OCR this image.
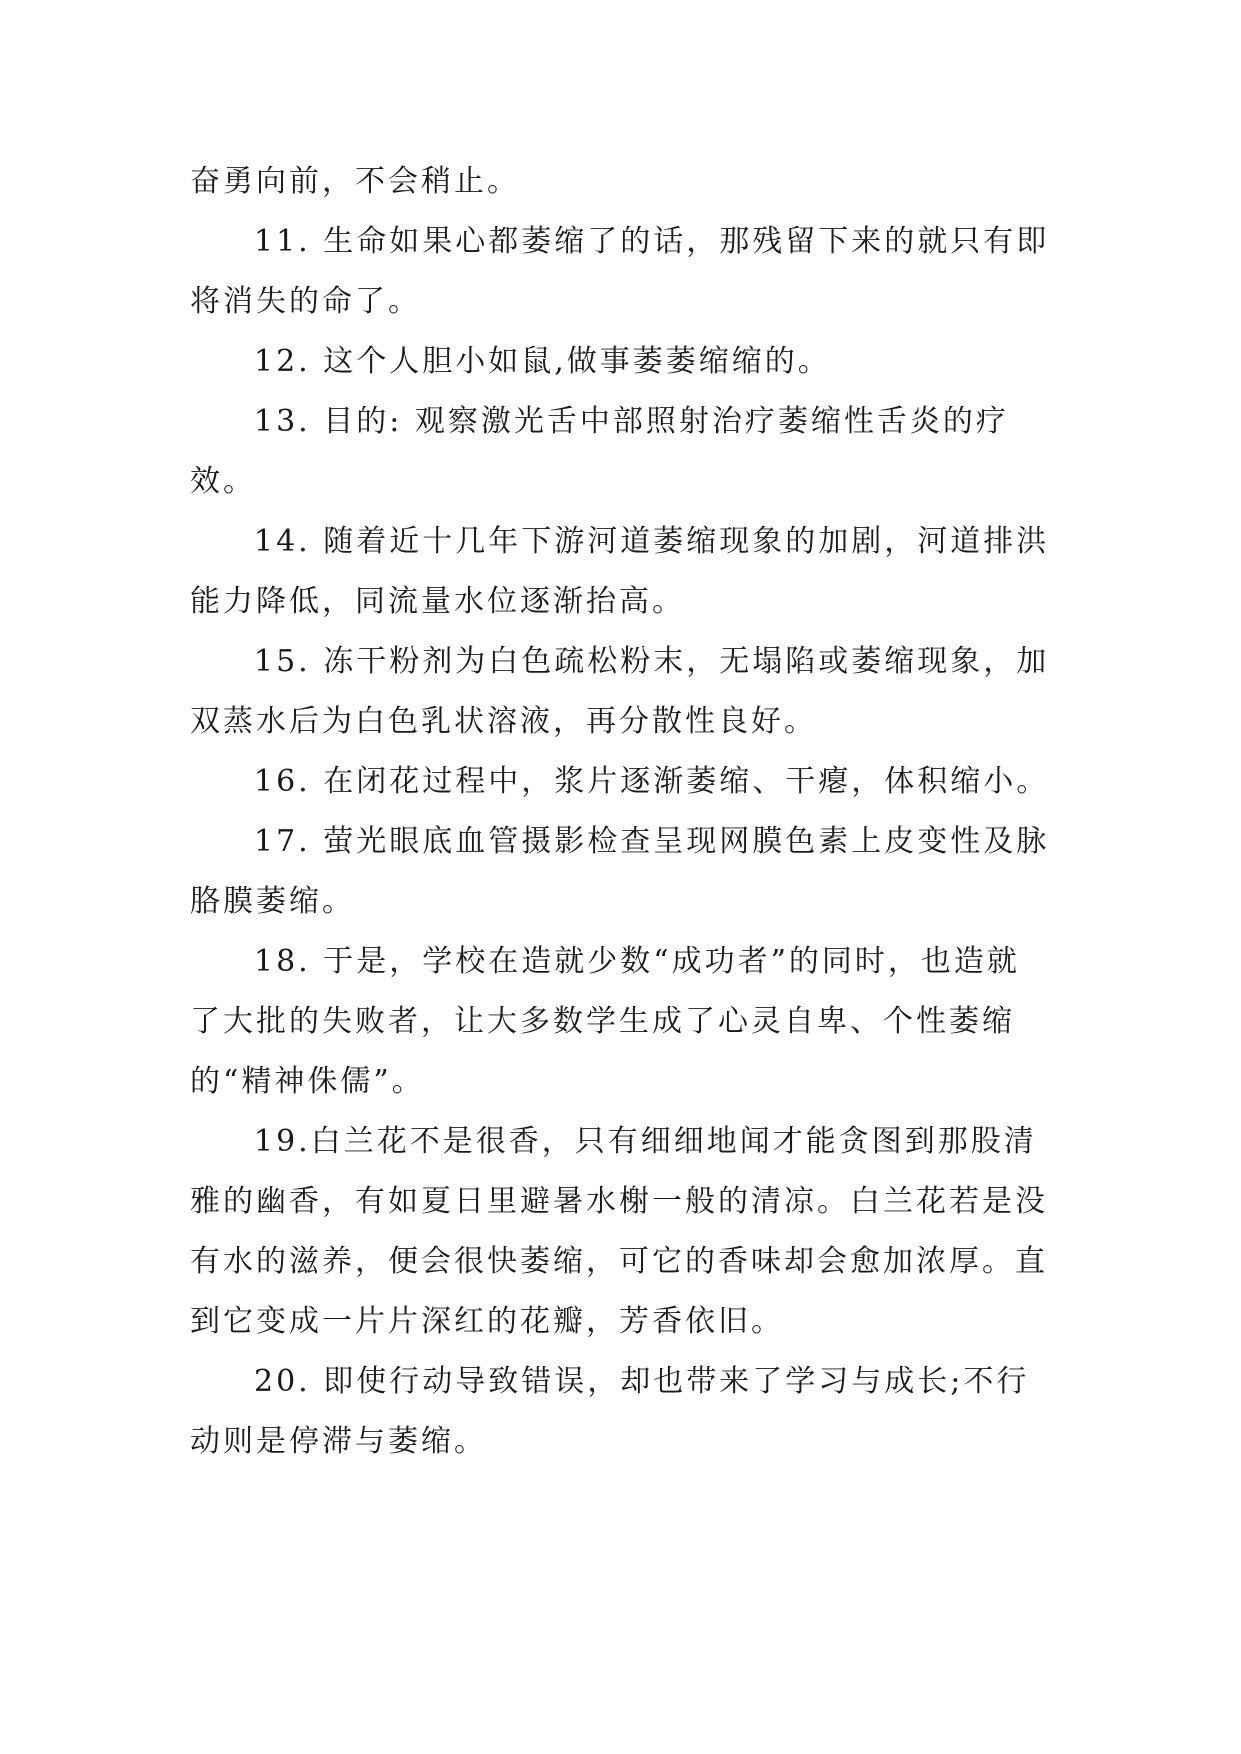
奋勇向前，不会稍止。

11. 生命如果心都萎缩了的话，那残留下来的就只有即将消失的命了。

12. 这个人胆小如鼠,做事萎萎缩缩的。

13. 目的: 观察激光舌中部照射治疗萎缩性舌炎的疗效。

14. 随着近十几年下游河道萎缩现象的加剧，河道排洪能力降低，同流量水位逐渐抬高。

15. 冻干粉剂为白色疏松粉末，无塌陷或萎缩现象，加双蒸水后为白色乳状溶液，再分散性良好。

16. 在闭花过程中，浆片逐渐萎缩、干瘪，体积缩小。

17. 萤光眼底血管摄影检查呈现网膜色素上皮变性及脉胳膜萎缩。

18. 于是，学校在造就少数“成功者”的同时，也造就了大批的失败者，让大多数学生成了心灵自卑、个性萎缩的“精神侏儒”。

19.白兰花不是很香，只有细细地闻才能贪图到那股清雅的幽香，有如夏日里避暑水榭一般的清凉。白兰花若是没有水的滋养，便会很快萎缩，可它的香味却会愈加浓厚。直到它变成一片片深红的花瓣，芳香依旧。

20. 即使行动导致错误，却也带来了学习与成长;不行动则是停滞与萎缩。
